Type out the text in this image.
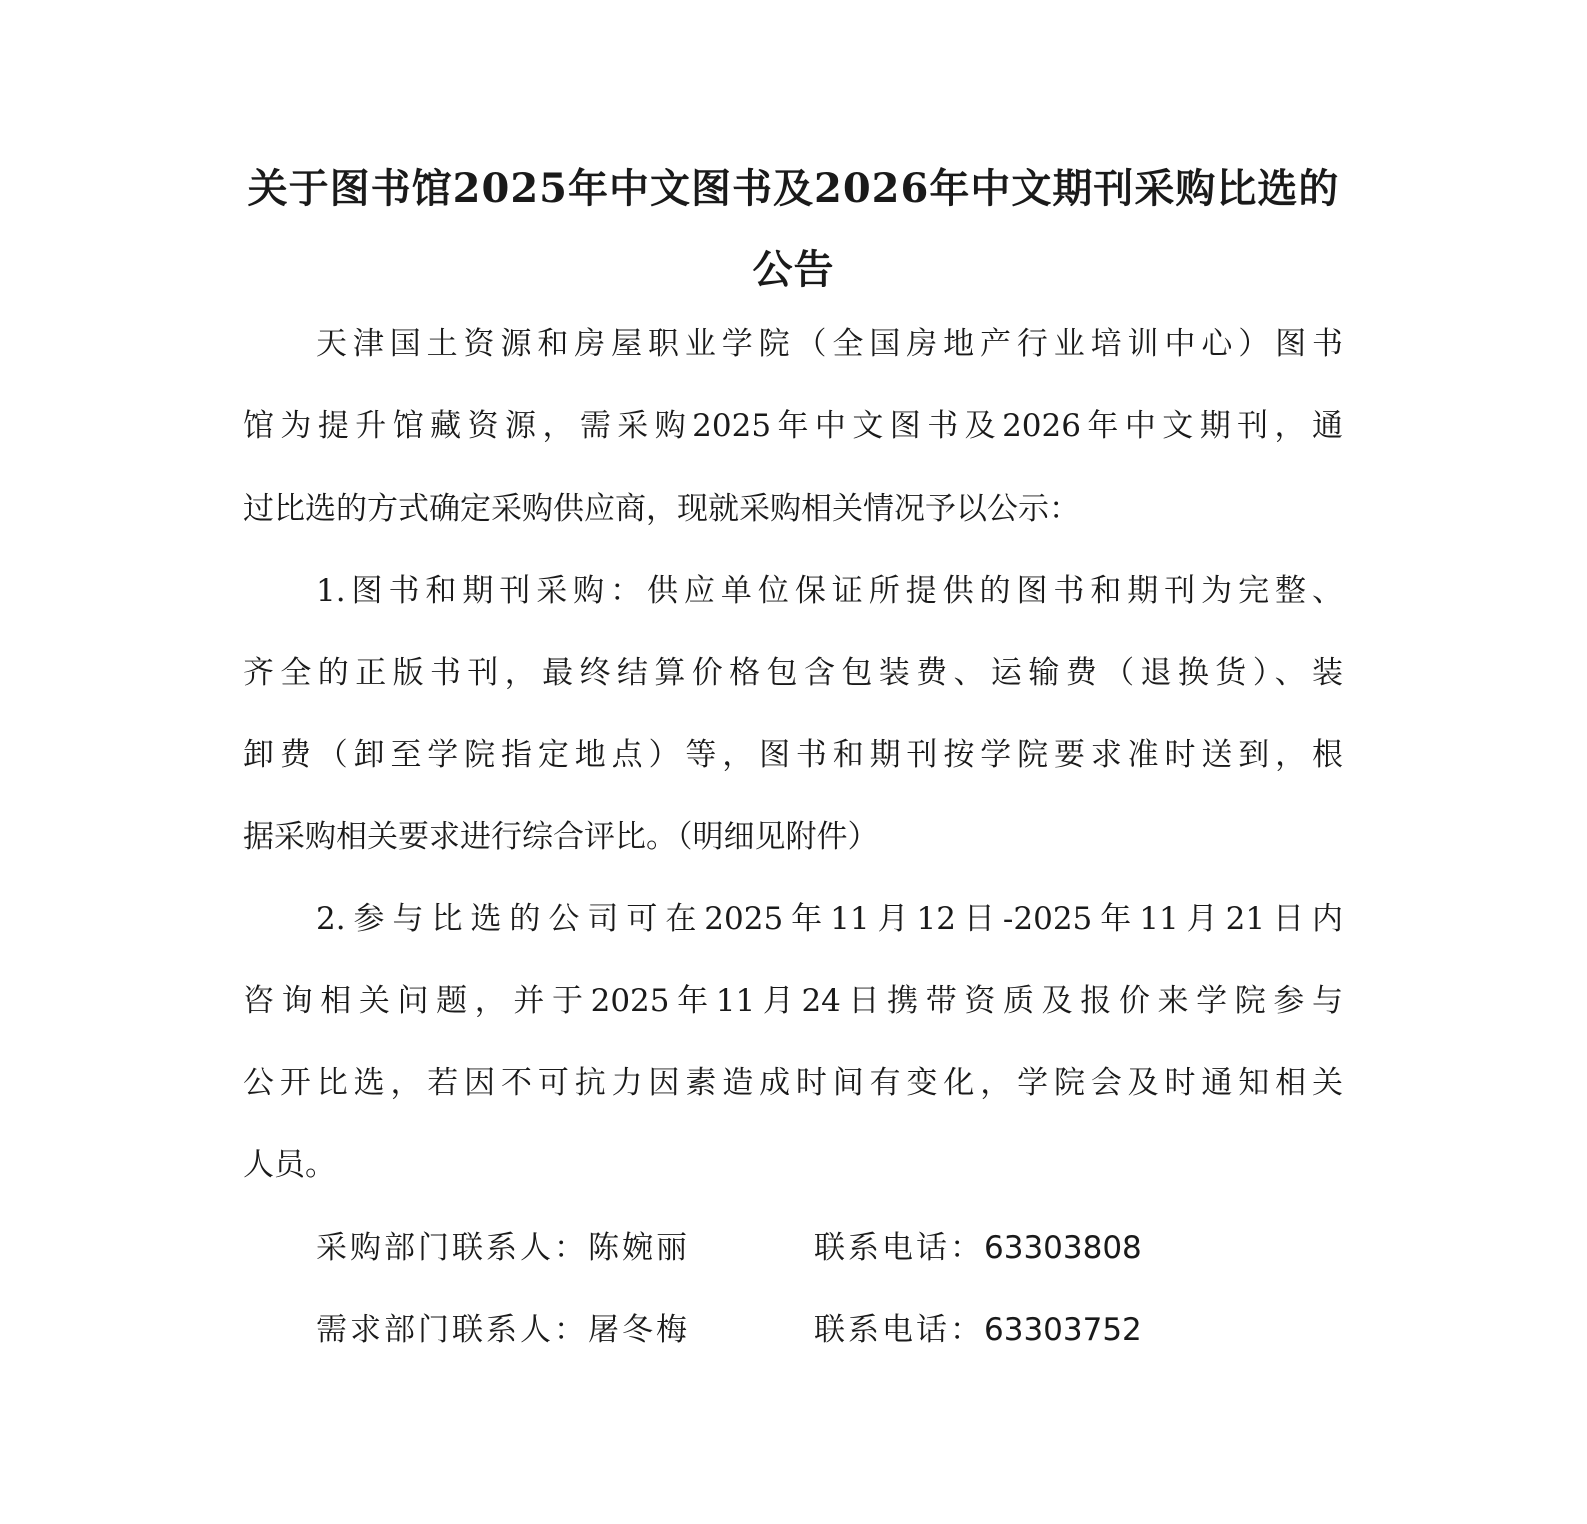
关于图书馆2025年中文图书及2026年中文期刊采购比选的
公告
天津国土资源和房屋职业学院（全国房地产行业培训中心）图书
馆为提升馆藏资源，需采购2025年中文图书及2026年中文期刊，通
过比选的方式确定采购供应商，现就采购相关情况予以公示：
1.图书和期刊采购：供应单位保证所提供的图书和期刊为完整、
齐全的正版书刊，最终结算价格包含包装费、运输费（退换货）、装
卸费（卸至学院指定地点）等，图书和期刊按学院要求准时送到，根
据采购相关要求进行综合评比。（明细见附件）
2.参与比选的公司可在2025年11月12日-2025年11月21日内
咨询相关问题，并于2025年11月24日携带资质及报价来学院参与
公开比选，若因不可抗力因素造成时间有变化，学院会及时通知相关
人员。
采购部门联系人：陈婉丽	联系电话：63303808
需求部门联系人：屠冬梅	联系电话：63303752
